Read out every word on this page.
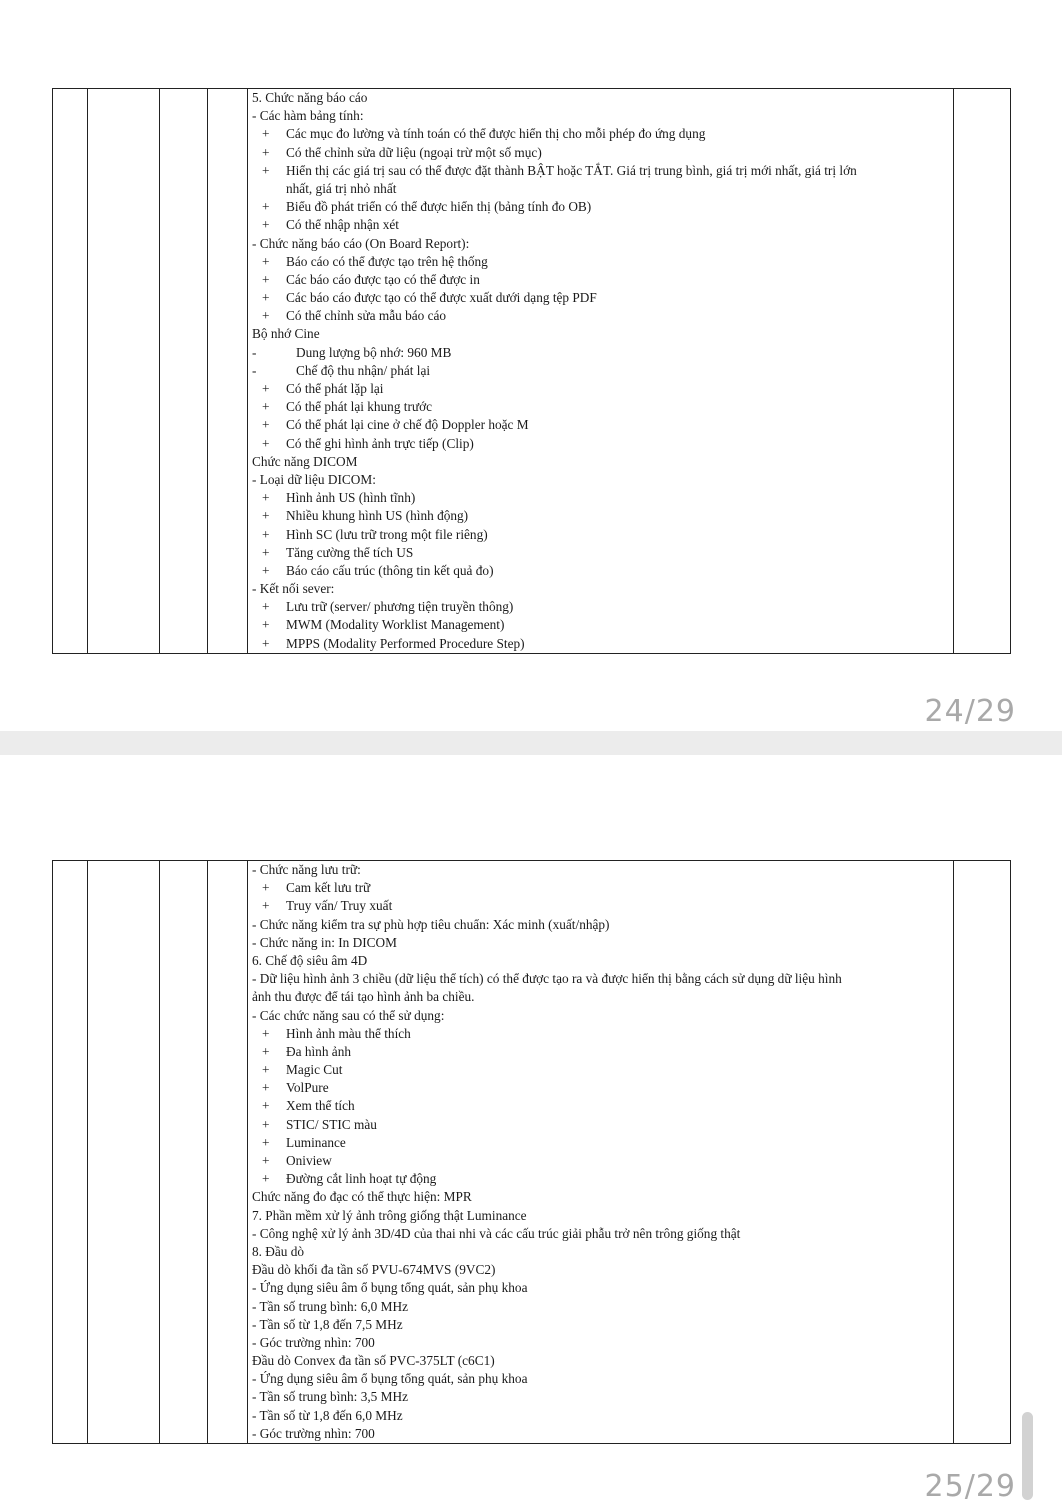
5. Chức năng báo cáo
- Các hàm bảng tính:
+ Các mục đo lường và tính toán có thể được hiển thị cho mỗi phép đo ứng dụng
+ Có thể chỉnh sửa dữ liệu (ngoại trừ một số mục)
+ Hiển thị các giá trị sau có thể được đặt thành BẬT hoặc TẮT. Giá trị trung bình, giá trị mới nhất, giá trị lớn
nhất, giá trị nhỏ nhất
+ Biểu đồ phát triển có thể được hiển thị (bảng tính đo OB)
+ Có thể nhập nhận xét
- Chức năng báo cáo (On Board Report):
+ Báo cáo có thể được tạo trên hệ thống
+ Các báo cáo được tạo có thể được in
+ Các báo cáo được tạo có thể được xuất dưới dạng tệp PDF
+ Có thể chỉnh sửa mẫu báo cáo
Bộ nhớ Cine
-	Dung lượng bộ nhớ: 960 MB
-	Chế độ thu nhận/ phát lại
+ Có thể phát lặp lại
+ Có thể phát lại khung trước
+ Có thể phát lại cine ở chế độ Doppler hoặc M
+ Có thể ghi hình ảnh trực tiếp (Clip)
Chức năng DICOM
- Loại dữ liệu DICOM:
+ Hình ảnh US (hình tĩnh)
+ Nhiều khung hình US (hình động)
+ Hình SC (lưu trữ trong một file riêng)
+ Tăng cường thể tích US
+ Báo cáo cấu trúc (thông tin kết quả đo)
- Kết nối sever:
+ Lưu trữ (server/ phương tiện truyền thông)
+ MWM (Modality Worklist Management)
+ MPPS (Modality Performed Procedure Step)

24/29

- Chức năng lưu trữ:
+ Cam kết lưu trữ
+ Truy vấn/ Truy xuất
- Chức năng kiểm tra sự phù hợp tiêu chuẩn: Xác minh (xuất/nhập)
- Chức năng in: In DICOM
6. Chế độ siêu âm 4D
- Dữ liệu hình ảnh 3 chiều (dữ liệu thể tích) có thể được tạo ra và được hiển thị bằng cách sử dụng dữ liệu hình
ảnh thu được để tái tạo hình ảnh ba chiều.
- Các chức năng sau có thể sử dụng:
+ Hình ảnh màu thể thích
+ Đa hình ảnh
+ Magic Cut
+ VolPure
+ Xem thể tích
+ STIC/ STIC màu
+ Luminance
+ Oniview
+ Đường cắt linh hoạt tự động
Chức năng đo đạc có thể thực hiện: MPR
7. Phần mềm xử lý ảnh trông giống thật Luminance
- Công nghệ xử lý ảnh 3D/4D của thai nhi và các cấu trúc giải phẫu trở nên trông giống thật
8. Đầu dò
Đầu dò khối đa tần số PVU-674MVS (9VC2)
- Ứng dụng siêu âm ổ bụng tổng quát, sản phụ khoa
- Tần số trung bình: 6,0 MHz
- Tần số từ 1,8 đến 7,5 MHz
- Góc trường nhìn: 700
Đầu dò Convex đa tần số PVC-375LT (c6C1)
- Ứng dụng siêu âm ổ bụng tổng quát, sản phụ khoa
- Tần số trung bình: 3,5 MHz
- Tần số từ 1,8 đến 6,0 MHz
- Góc trường nhìn: 700

25/29
